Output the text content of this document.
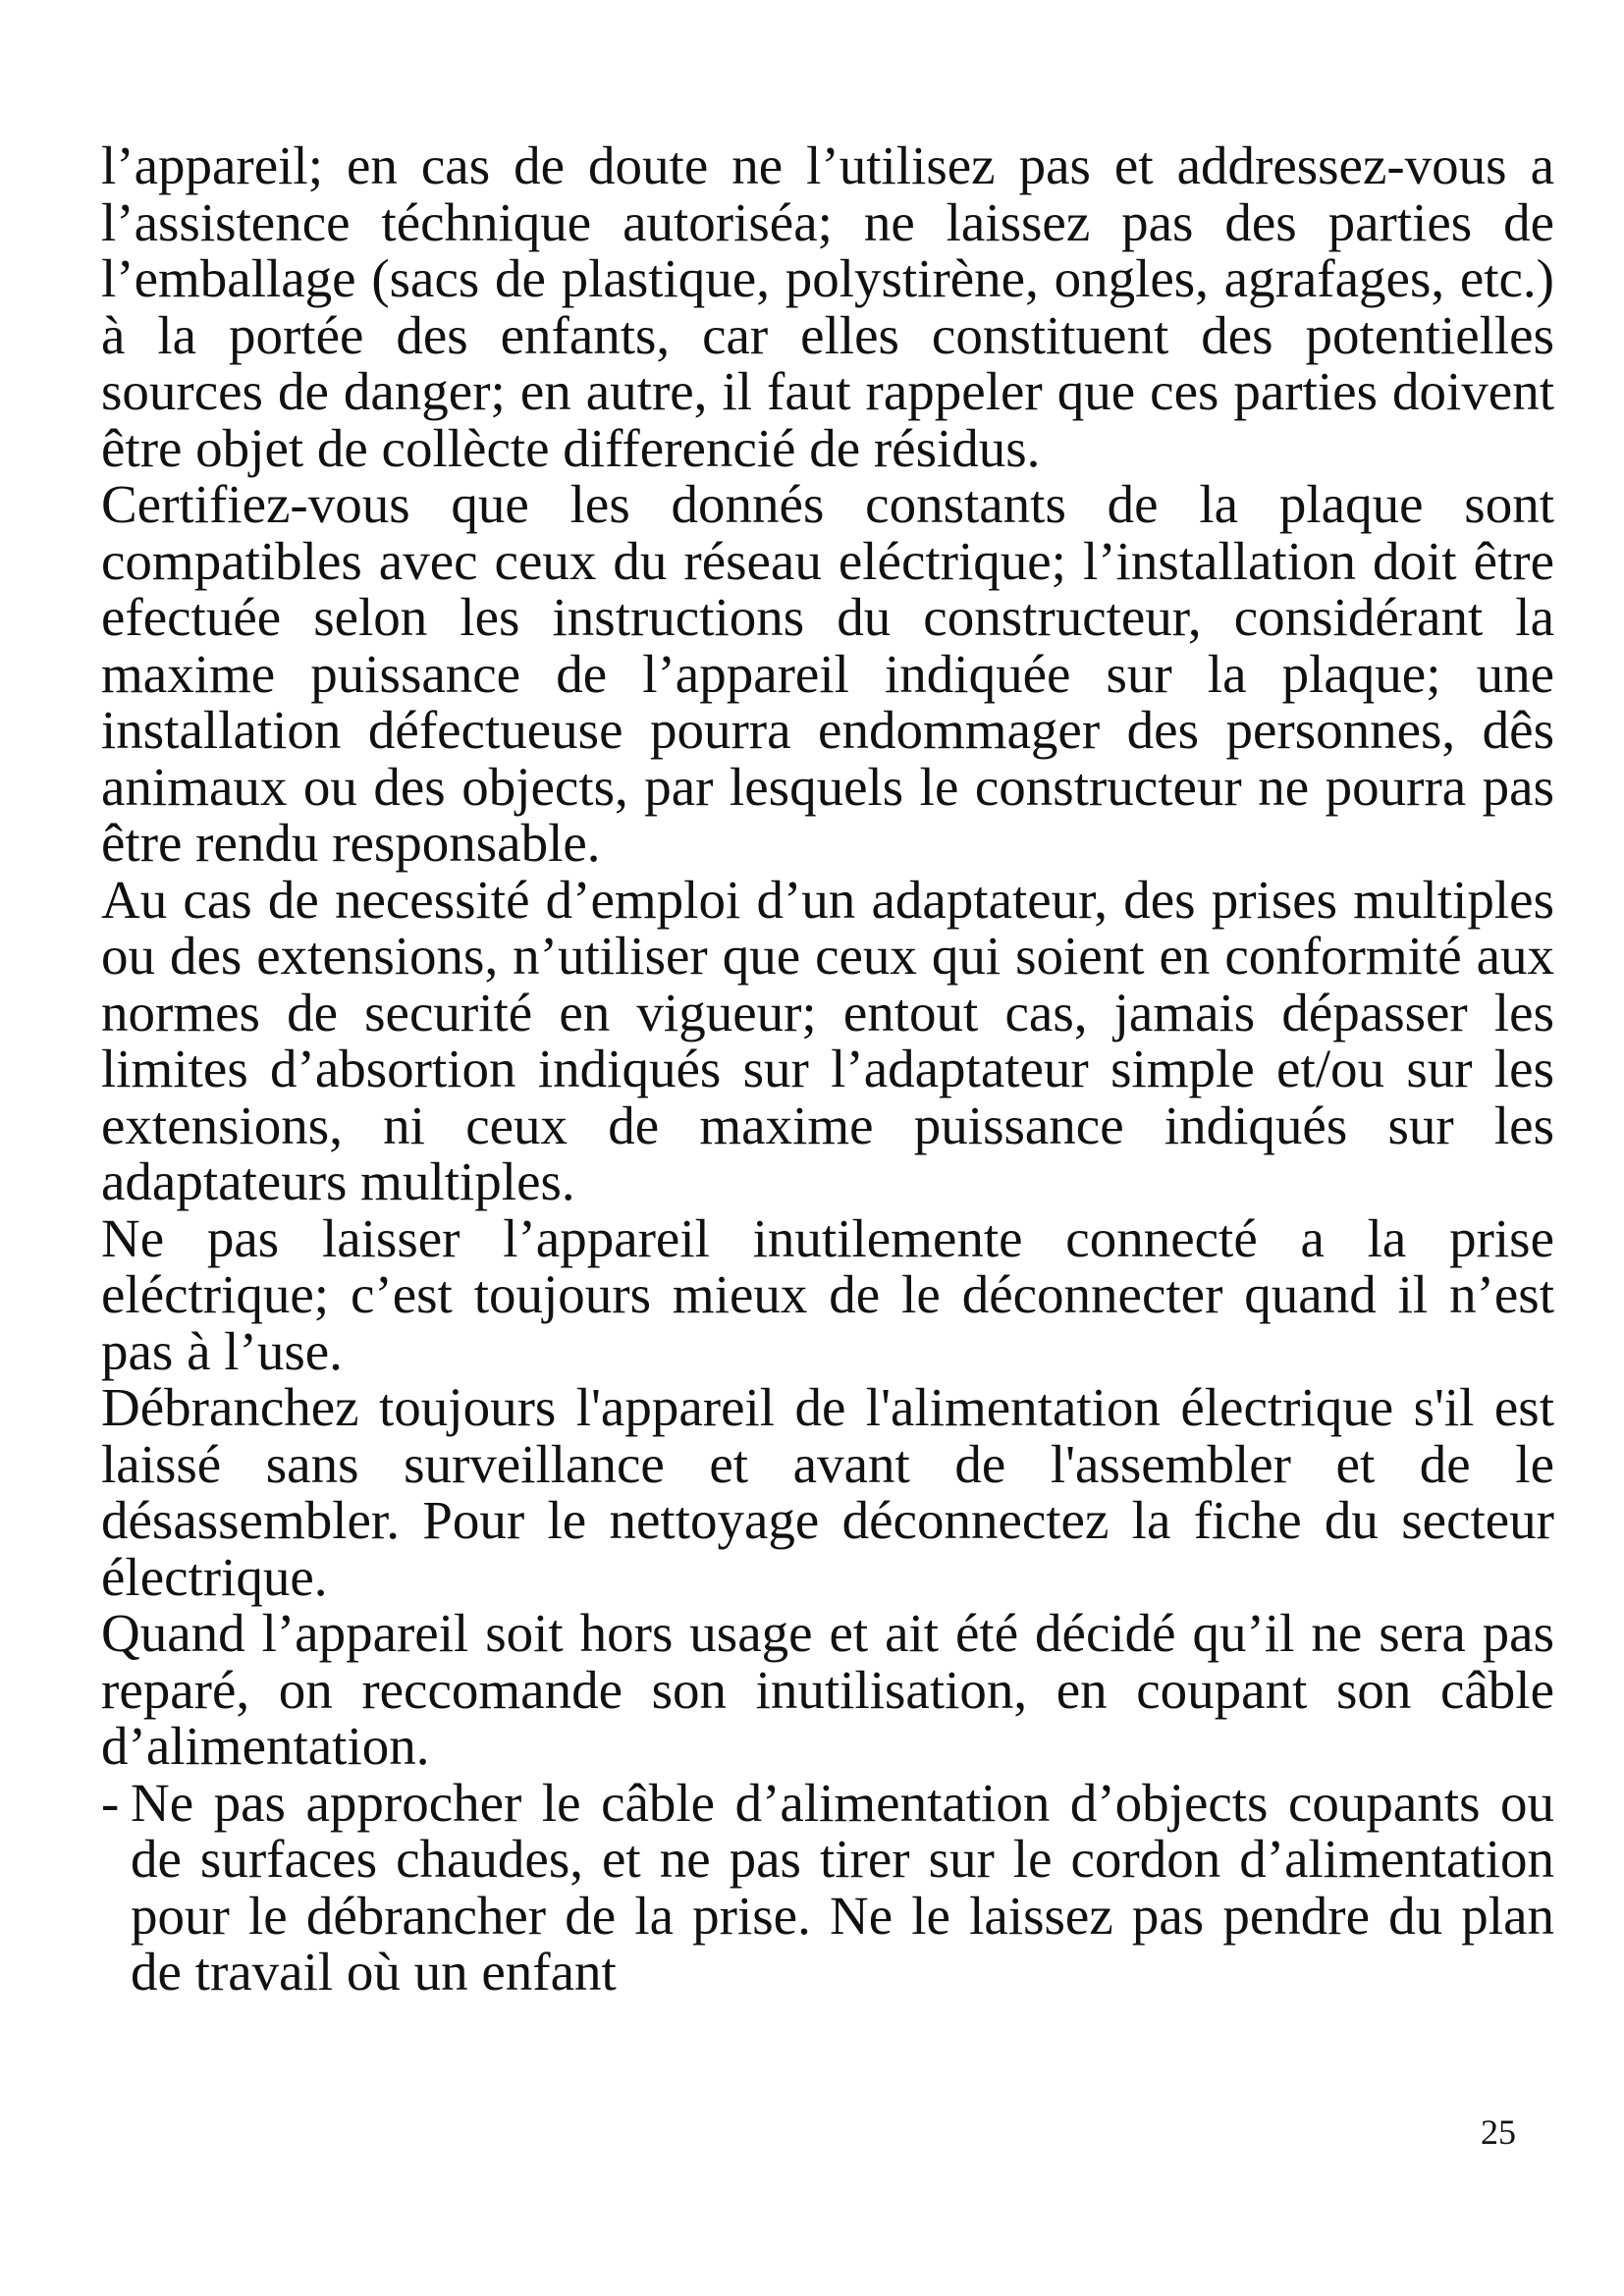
l’appareil; en cas de doute ne l’utilisez pas et addressez-vous a l’assistence téchnique autoriséa; ne laissez pas des parties de l’emballage (sacs de plastique, polystirène, ongles, agrafages, etc.) à la portée des enfants, car elles constituent des potentielles sources de danger; en autre, il faut rappeler que ces parties doivent être objet de collècte differencié de résidus.

Certifiez-vous que les donnés constants de la plaque sont compatibles avec ceux du réseau eléctrique; l’installation doit être efectuée selon les instructions du constructeur, considérant la maxime puissance de l’appareil indiquée sur la plaque; une installation défectueuse pourra endommager des personnes, dês animaux ou des objects, par lesquels le constructeur ne pourra pas être rendu responsable.

Au cas de necessité d’emploi d’un adaptateur, des prises multiples ou des extensions, n’utiliser que ceux qui soient en conformité aux normes de securité en vigueur; entout cas, jamais dépasser les limites d’absortion indiqués sur l’adaptateur simple et/ou sur les extensions, ni ceux de maxime puissance indiqués sur les adaptateurs multiples.

Ne pas laisser l’appareil inutilemente connecté a la prise eléctrique; c’est toujours mieux de le déconnecter quand il n’est pas à l’use.

Débranchez toujours l'appareil de l'alimentation électrique s'il est laissé sans surveillance et avant de l'assembler et de le désassembler. Pour le nettoyage déconnectez la fiche du secteur électrique.

Quand l’appareil soit hors usage et ait été décidé qu’il ne sera pas reparé, on reccomande son inutilisation, en coupant son câble d’alimentation.

- Ne pas approcher le câble d’alimentation d’objects coupants ou de surfaces chaudes, et ne pas tirer sur le cordon d’alimentation pour le débrancher de la prise. Ne le laissez pas pendre du plan de travail où un enfant
25
